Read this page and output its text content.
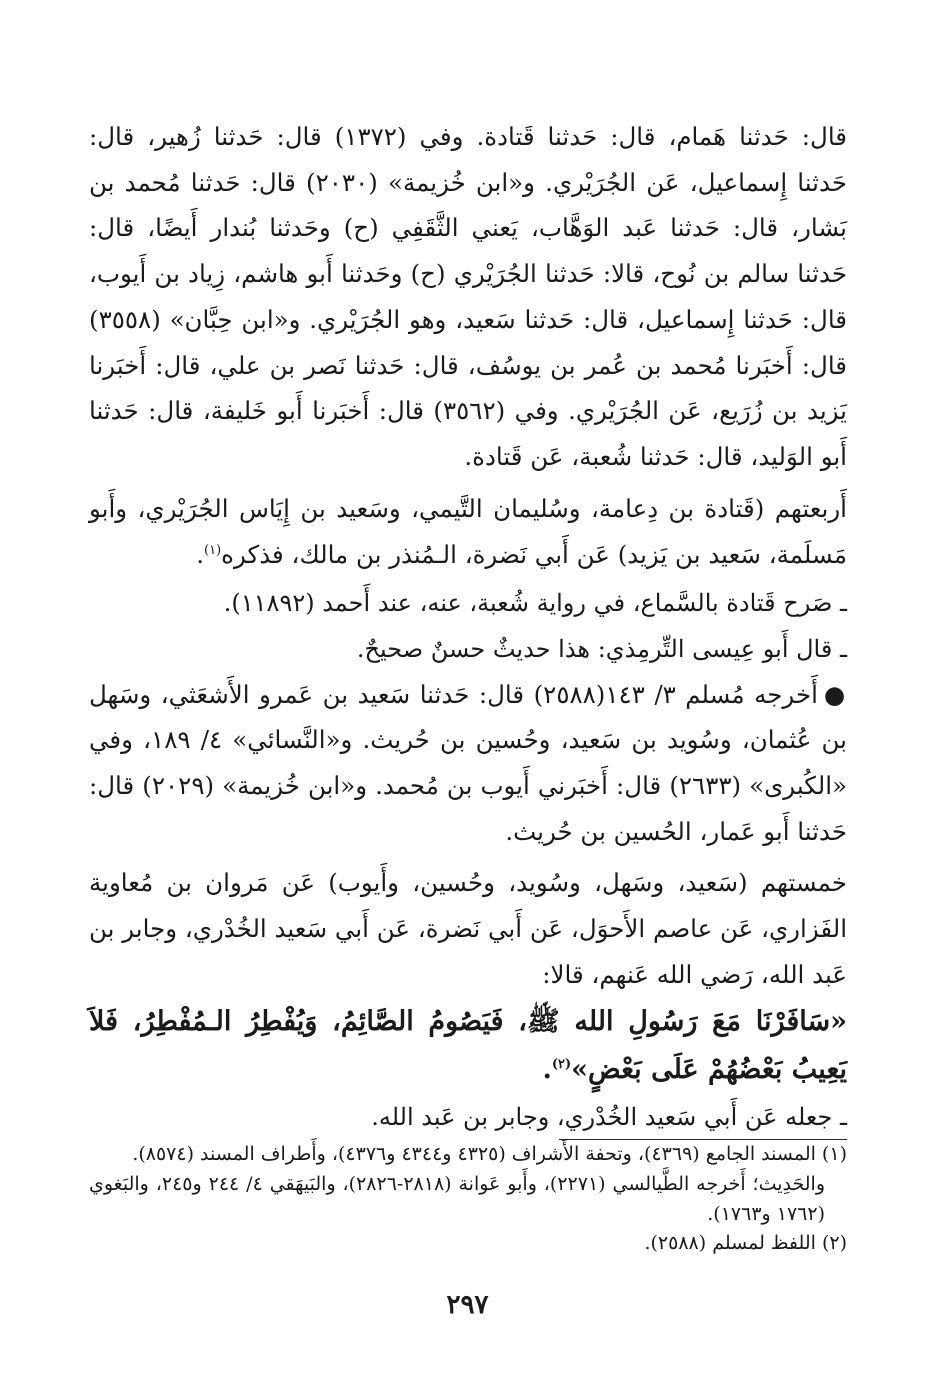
قال: حَدثنا هَمام، قال: حَدثنا قَتادة. وفي (١٣٧٢) قال: حَدثنا زُهير، قال: حَدثنا إِسماعيل، عَن الجُرَيْري. و«ابن خُزيمة» (٢٠٣٠) قال: حَدثنا مُحمد بن بَشار، قال: حَدثنا عَبد الوَهَّاب، يَعني الثَّقَفِي (ح) وحَدثنا بُندار أَيضًا، قال: حَدثنا سالم بن نُوح، قالا: حَدثنا الجُرَيْري (ح) وحَدثنا أَبو هاشم، زِياد بن أَيوب، قال: حَدثنا إِسماعيل، قال: حَدثنا سَعيد، وهو الجُرَيْري. و«ابن حِبَّان» (٣٥٥٨) قال: أَخبَرنا مُحمد بن عُمر بن يوسُف، قال: حَدثنا نَصر بن علي، قال: أَخبَرنا يَزيد بن زُرَيع، عَن الجُرَيْري. وفي (٣٥٦٢) قال: أَخبَرنا أَبو خَليفة، قال: حَدثنا أَبو الوَليد، قال: حَدثنا شُعبة، عَن قَتادة.

أَربعتهم (قَتادة بن دِعامة، وسُليمان التَّيمي، وسَعيد بن إِيَاس الجُرَيْري، وأَبو مَسلَمة، سَعيد بن يَزيد) عَن أَبي نَضرة، الـمُنذر بن مالك، فذكره$^{(١)}$.

ـ صَرح قَتادة بالسَّماع، في رواية شُعبة، عنه، عند أَحمد (١١٨٩٢).

ـ قال أَبو عِيسى التِّرمِذي: هذا حديثٌ حسنٌ صحيحٌ.

●أَخرجه مُسلم ٣/ ١٤٣(٢٥٨٨) قال: حَدثنا سَعيد بن عَمرو الأَشعَثي، وسَهل بن عُثمان، وسُويد بن سَعيد، وحُسين بن حُريث. و«النَّسائي» ٤/ ١٨٩، وفي «الكُبرى» (٢٦٣٣) قال: أَخبَرني أَيوب بن مُحمد. و«ابن خُزيمة» (٢٠٢٩) قال: حَدثنا أَبو عَمار، الحُسين بن حُريث.

خمستهم (سَعيد، وسَهل، وسُويد، وحُسين، وأَيوب) عَن مَروان بن مُعاوية الفَزاري، عَن عاصم الأَحوَل، عَن أَبي نَضرة، عَن أَبي سَعيد الخُدْري، وجابر بن عَبد الله، رَضي الله عَنهم، قالا:

«سَافَرْنَا مَعَ رَسُولِ الله ﷺ، فَيَصُومُ الصَّائِمُ، وَيُفْطِرُ الـمُفْطِرُ، فَلاَ يَعِيبُ بَعْضُهُمْ عَلَى بَعْضٍ»$^{(٢)}$.

ـ جعله عَن أَبي سَعيد الخُدْري، وجابر بن عَبد الله.

(١) المسند الجامع (٤٣٦٩)، وتحفة الأَشراف (٤٣٢٥ و٤٣٤٤ و٤٣٧٦)، وأَطراف المسند (٨٥٧٤).

والحَدِيث؛ أَخرجه الطَّيالسي (٢٢٧١)، وأَبو عَوانة (٢٨١٨-٢٨٢٦)، والبَيهَقي ٤/ ٢٤٤ و٢٤٥، والبَغوي (١٧٦٢ و١٧٦٣).

(٢) اللفظ لمسلم (٢٥٨٨).

٢٩٧
